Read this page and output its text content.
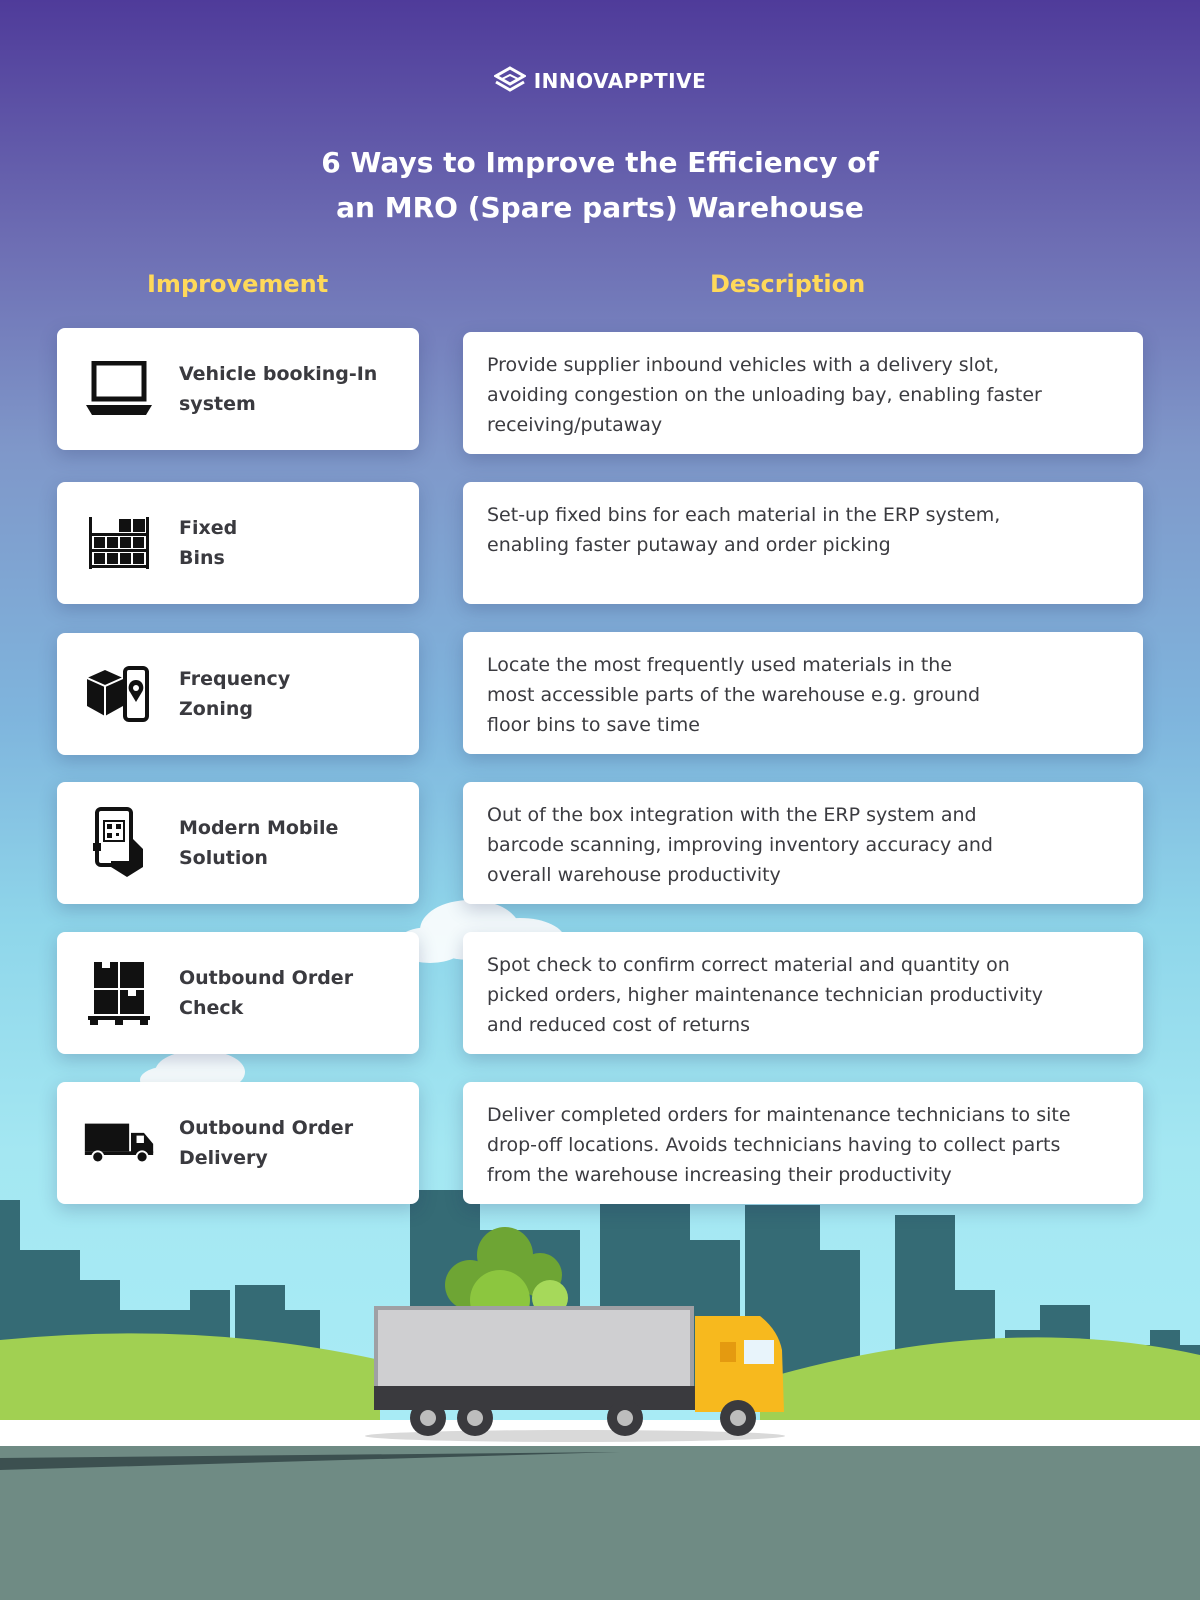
INNOVAPPTIVE
6 Ways to Improve the Efficiency of
an MRO (Spare parts) Warehouse
Improvement	Description
Vehicle booking-In
system
Provide supplier inbound vehicles with a delivery slot,
avoiding congestion on the unloading bay, enabling faster
receiving/putaway
Fixed
Bins
Set-up fixed bins for each material in the ERP system,
enabling faster putaway and order picking
Frequency
Zoning
Locate the most frequently used materials in the
most accessible parts of the warehouse e.g. ground
floor bins to save time
Modern Mobile
Solution
Out of the box integration with the ERP system and
barcode scanning, improving inventory accuracy and
overall warehouse productivity
Outbound Order
Check
Spot check to confirm correct material and quantity on
picked orders, higher maintenance technician productivity
and reduced cost of returns
Outbound Order
Delivery
Deliver completed orders for maintenance technicians to site
drop-off locations. Avoids technicians having to collect parts
from the warehouse increasing their productivity
